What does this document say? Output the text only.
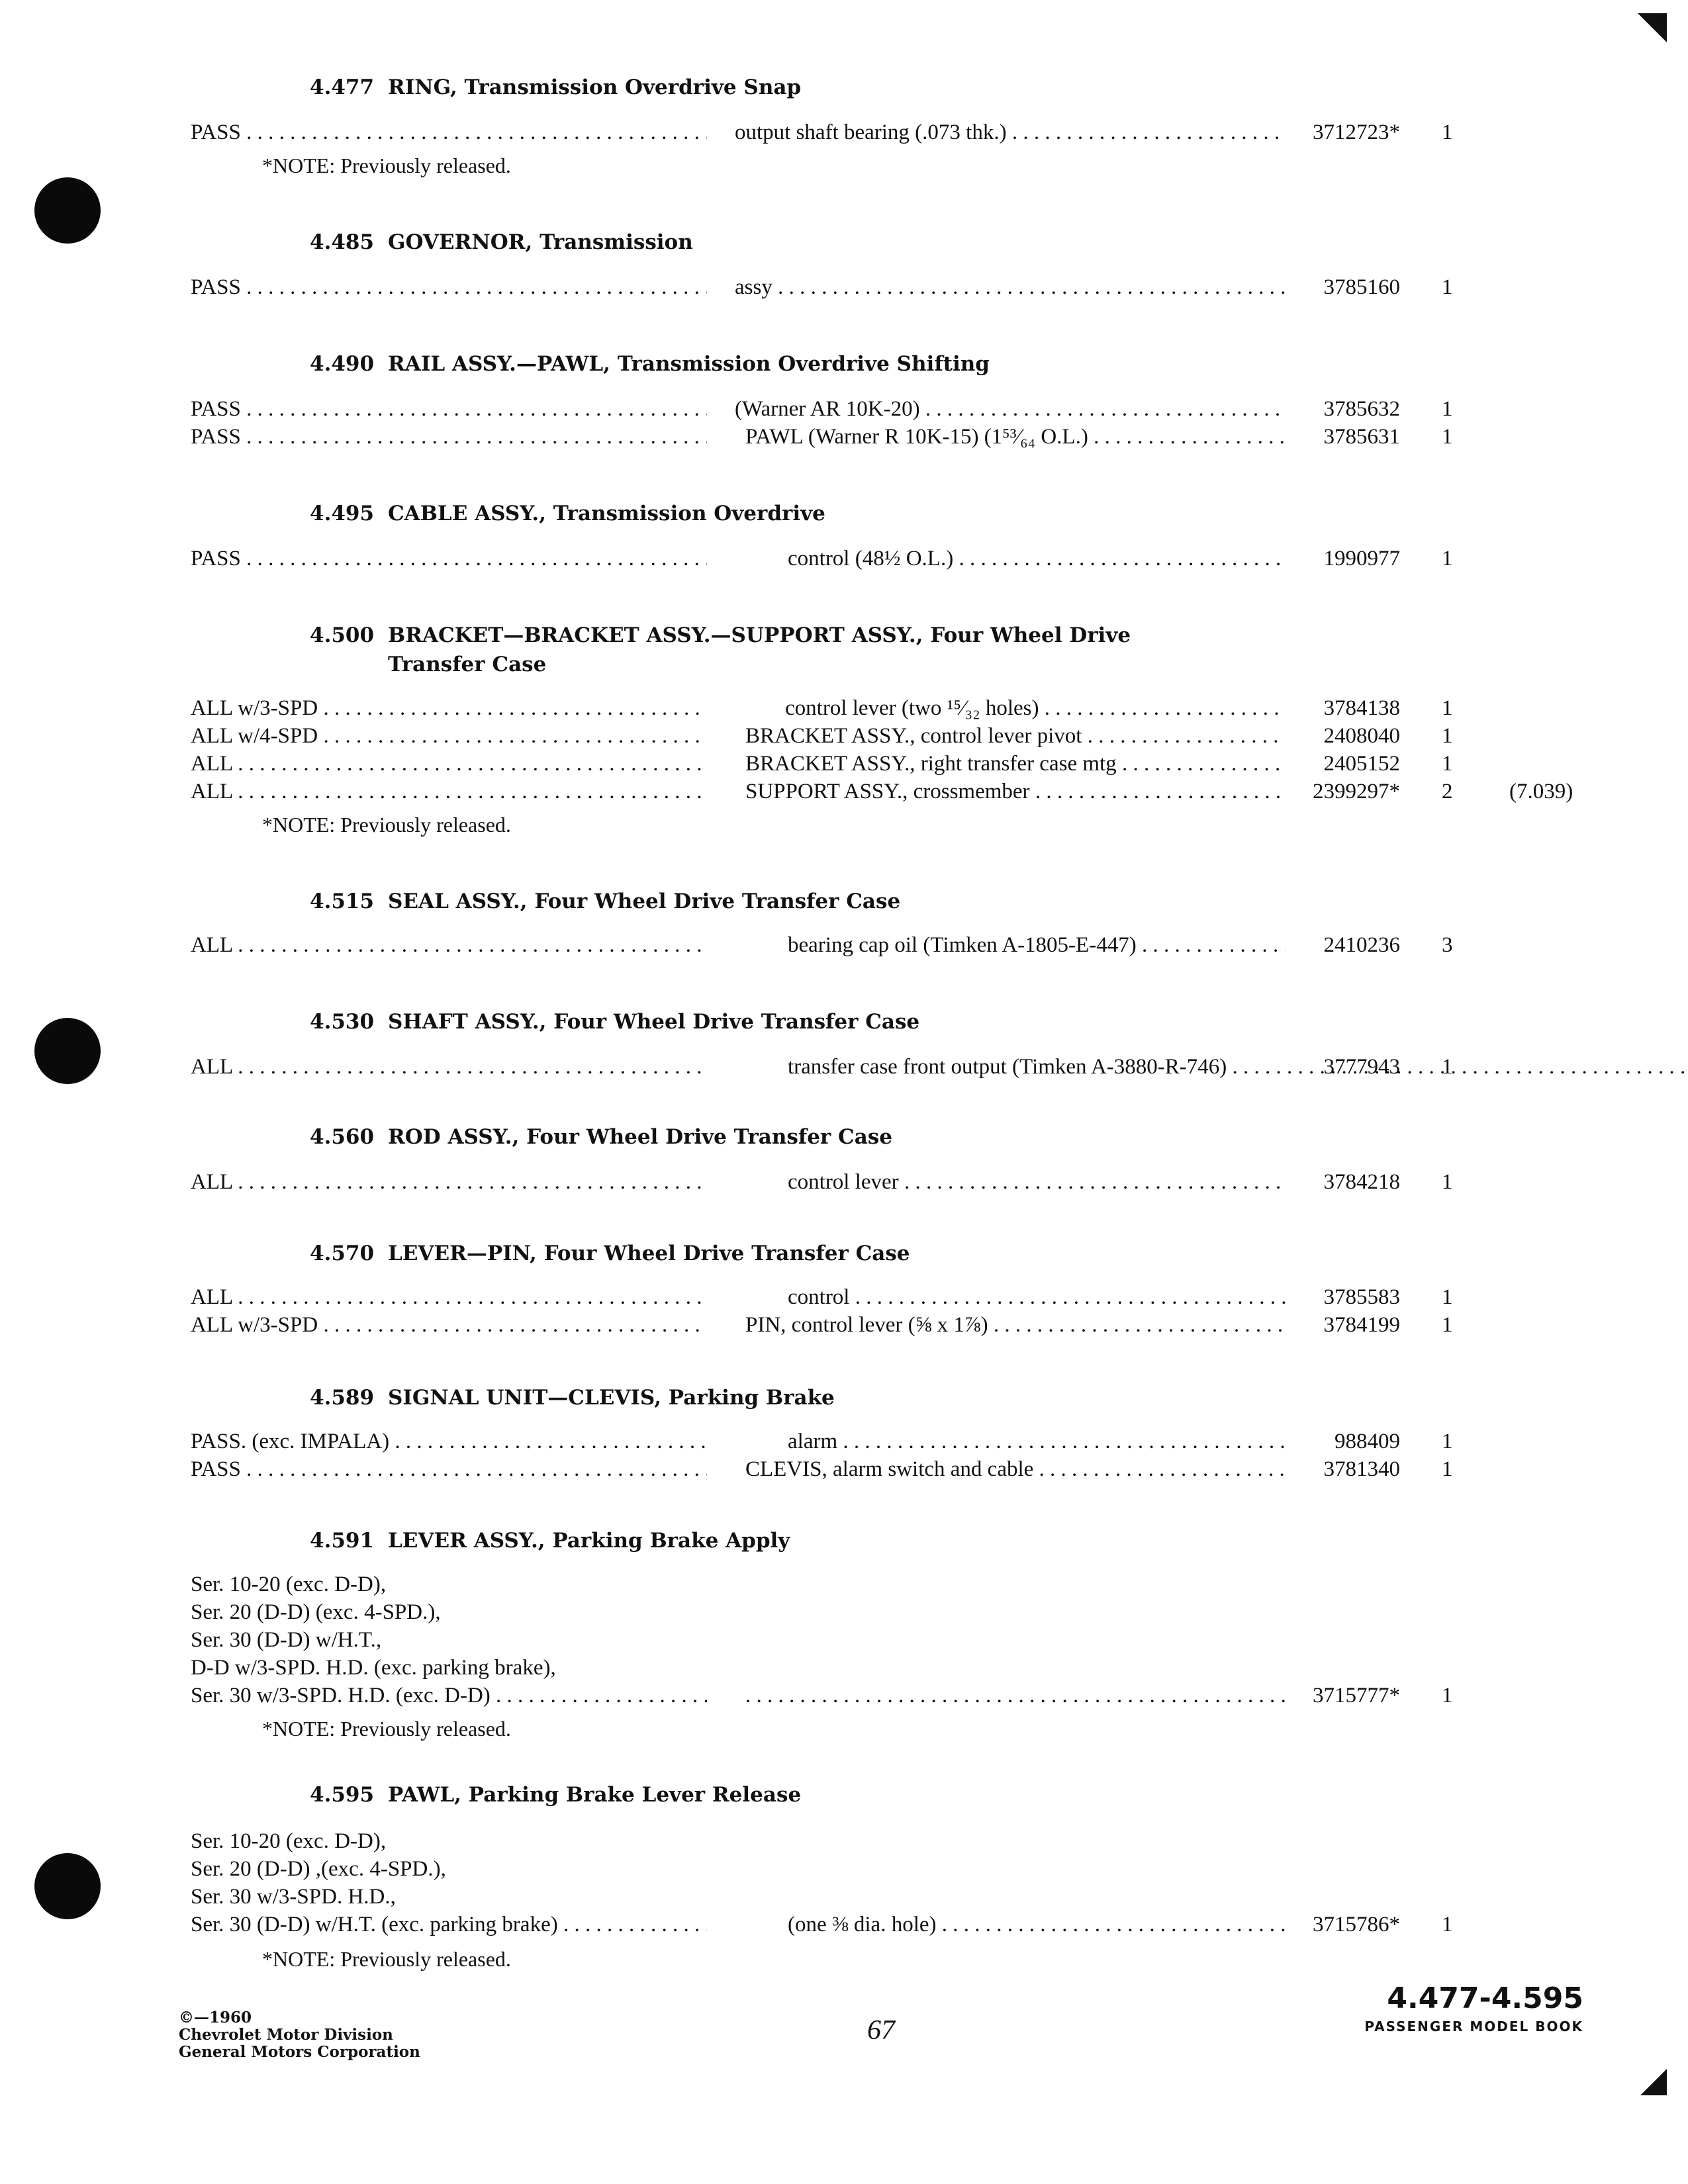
4.477 RING, Transmission Overdrive Snap
PASS . . .	output shaft bearing (.073 thk.) . . .	3712723* 1
*NOTE: Previously released.
4.485 GOVERNOR, Transmission
PASS . . .	assy . . .	3785160 1
4.490 RAIL ASSY.—PAWL, Transmission Overdrive Shifting
PASS . . .	(Warner AR 10K-20) . . .	3785632 1
PASS . . .	PAWL (Warner R 10K-15) (1⁵³⁄₆₄ O.L.) . . .	3785631 1
4.495 CABLE ASSY., Transmission Overdrive
PASS . . .	control (48½ O.L.) . . .	1990977 1
4.500 BRACKET—BRACKET ASSY.—SUPPORT ASSY., Four Wheel Drive
Transfer Case
ALL w/3-SPD . . .	control lever (two ¹⁵⁄₃₂ holes) . . .	3784138 1
ALL w/4-SPD . . .	BRACKET ASSY., control lever pivot . . .	2408040 1
ALL . . .	BRACKET ASSY., right transfer case mtg . . .	2405152 1
ALL . . .	SUPPORT ASSY., crossmember . . .	2399297* 2	(7.039)
*NOTE: Previously released.
4.515 SEAL ASSY., Four Wheel Drive Transfer Case
ALL . . .	bearing cap oil (Timken A-1805-E-447) . . .	2410236 3
4.530 SHAFT ASSY., Four Wheel Drive Transfer Case
ALL . . .	transfer case front output (Timken A-3880-R-746) . . .	3777943 1
4.560 ROD ASSY., Four Wheel Drive Transfer Case
ALL . . .	control lever . . .	3784218 1
4.570 LEVER—PIN, Four Wheel Drive Transfer Case
ALL . . .	control . . .	3785583 1
ALL w/3-SPD . . .	PIN, control lever (⅝ x 1⅞) . . .	3784199 1
4.589 SIGNAL UNIT—CLEVIS, Parking Brake
PASS. (exc. IMPALA) . . .	alarm . . .	988409 1
PASS . . .	CLEVIS, alarm switch and cable . . .	3781340 1
4.591 LEVER ASSY., Parking Brake Apply
Ser. 10-20 (exc. D-D),
Ser. 20 (D-D) (exc. 4-SPD.),
Ser. 30 (D-D) w/H.T.,
D-D w/3-SPD. H.D. (exc. parking brake),
Ser. 30 w/3-SPD. H.D. (exc. D-D) . . .
. . .	3715777* 1
*NOTE: Previously released.
4.595 PAWL, Parking Brake Lever Release
Ser. 10-20 (exc. D-D),
Ser. 20 (D-D) ,(exc. 4-SPD.),
Ser. 30 w/3-SPD. H.D.,
Ser. 30 (D-D) w/H.T. (exc. parking brake) . . .	(one ⅜ dia. hole) . . .	3715786* 1
*NOTE: Previously released.
©—1960
Chevrolet Motor Division
General Motors Corporation
67
4.477-4.595
PASSENGER MODEL BOOK
